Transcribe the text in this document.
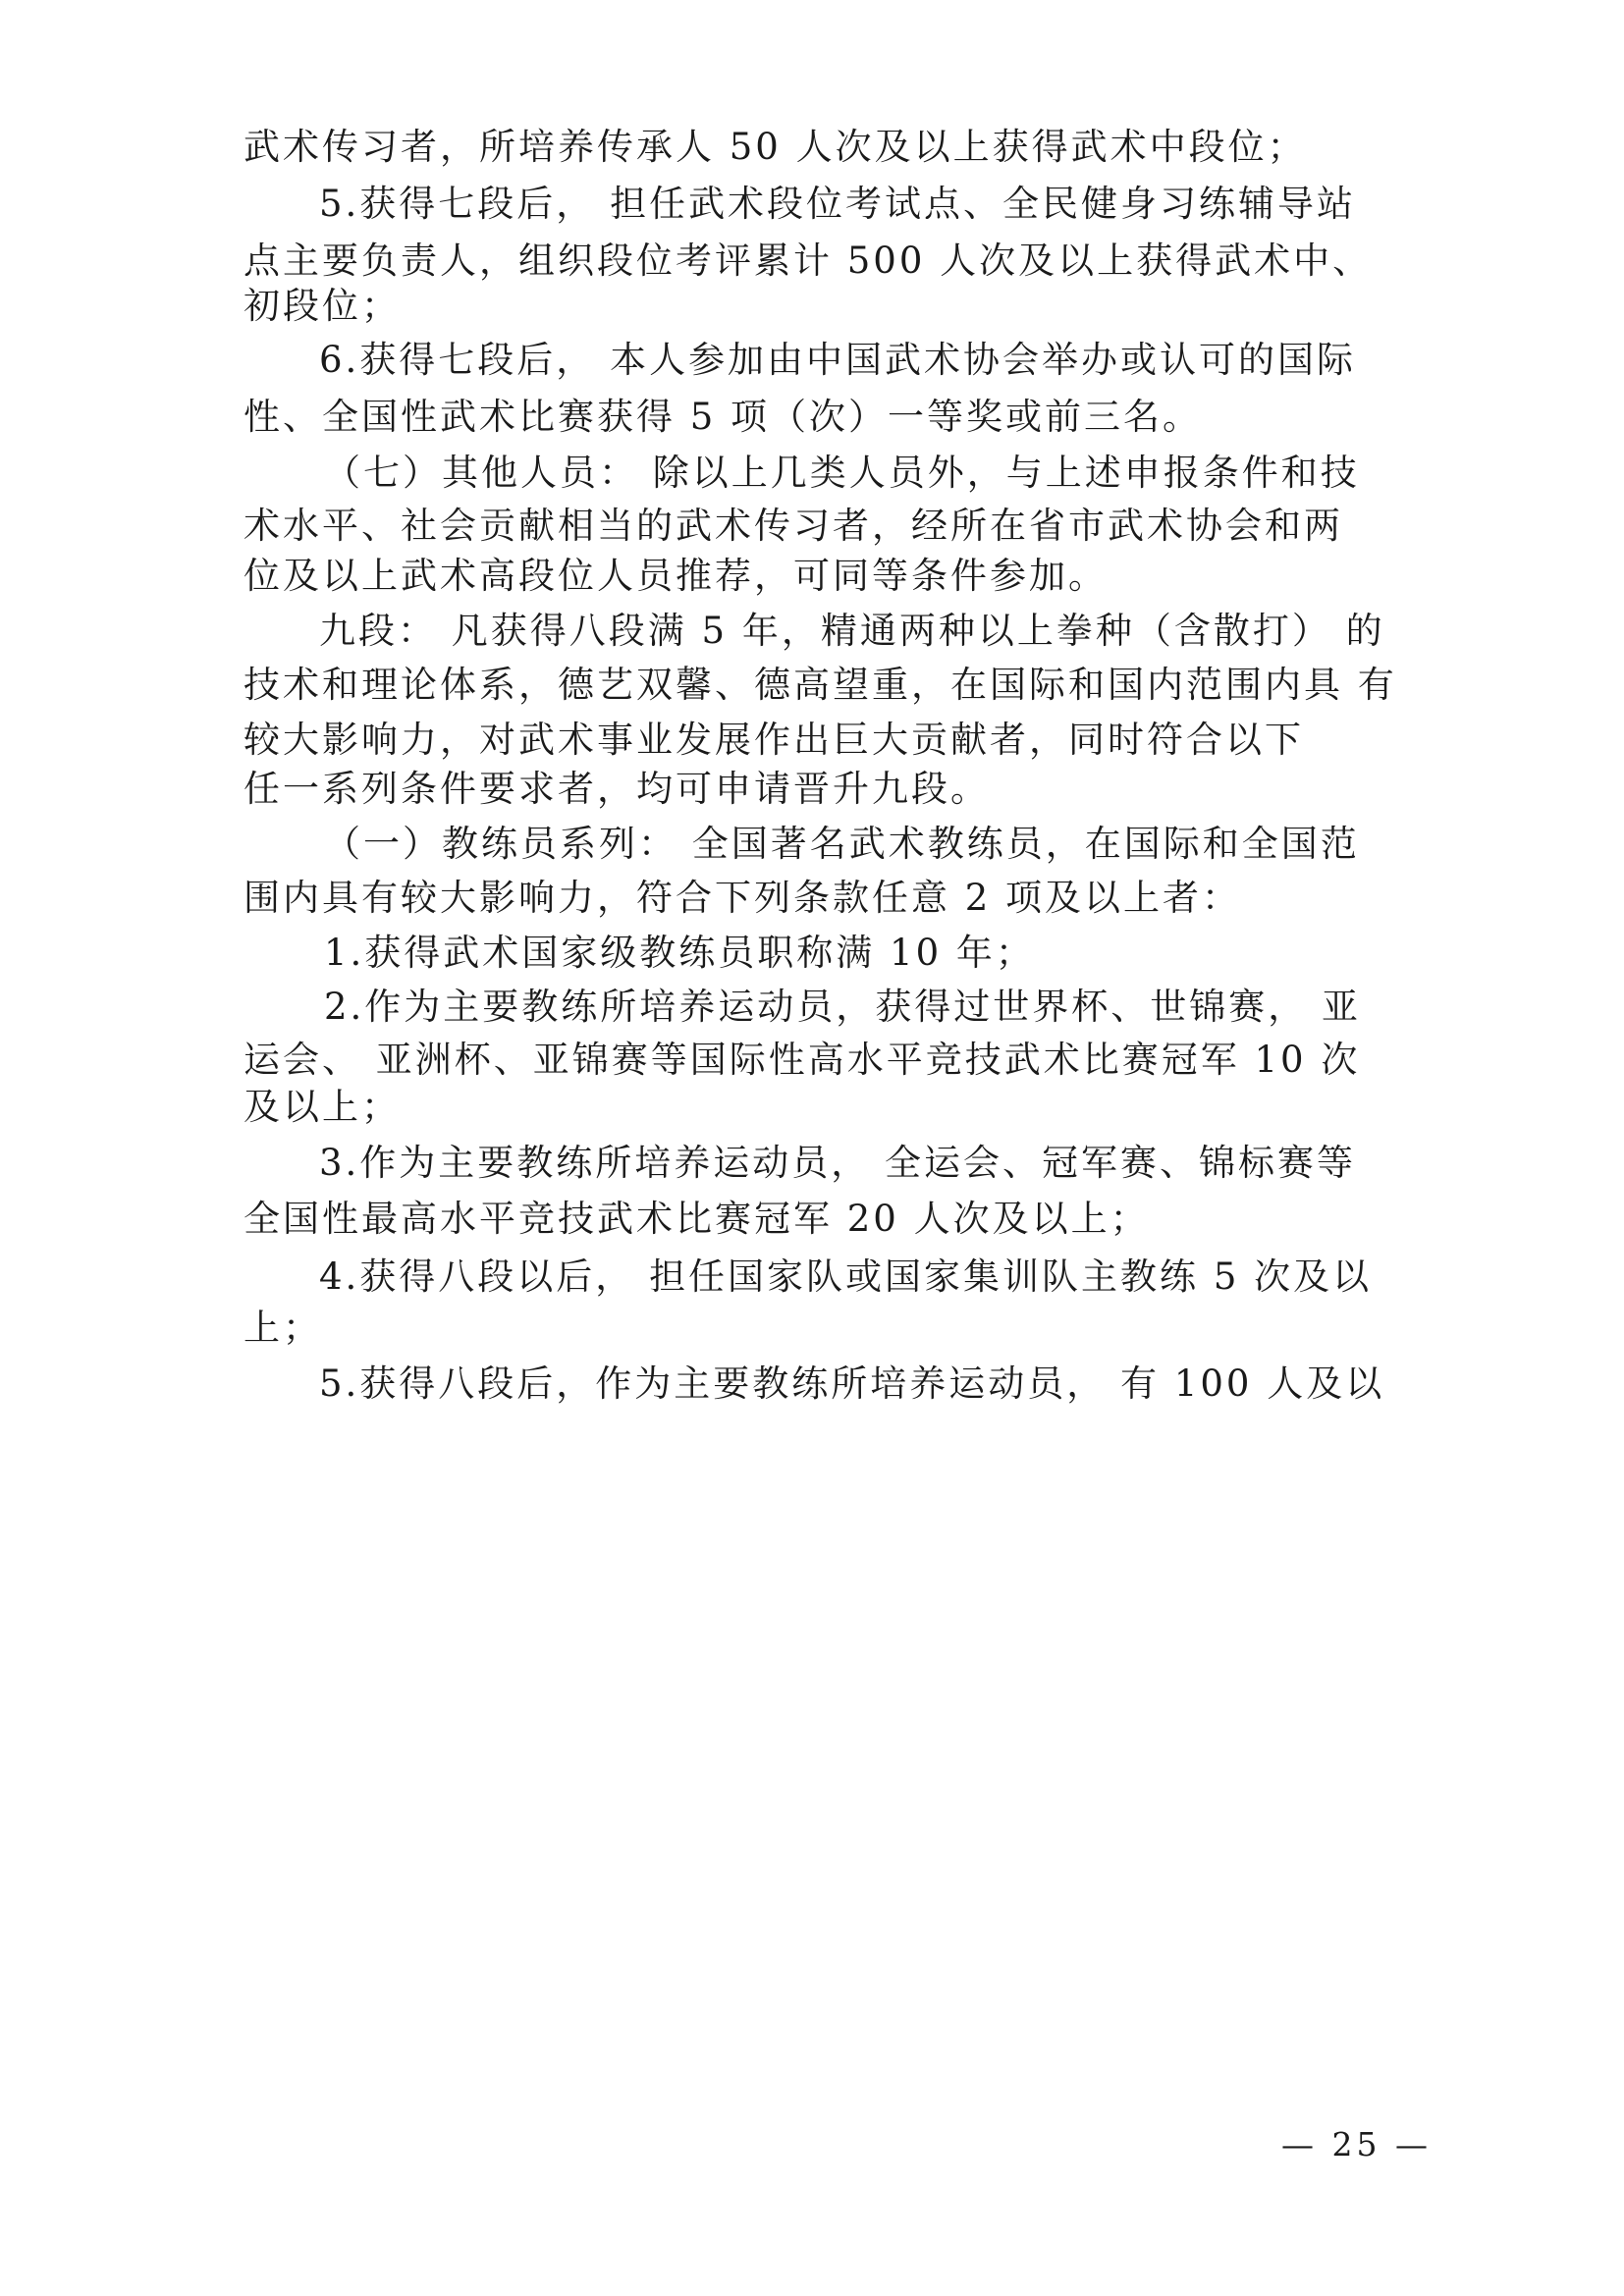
武术传习者，所培养传承人 50 人次及以上获得武术中段位；
5.获得七段后， 担任武术段位考试点、全民健身习练辅导站
点主要负责人，组织段位考评累计 500 人次及以上获得武术中、
初段位；
6.获得七段后， 本人参加由中国武术协会举办或认可的国际
性、全国性武术比赛获得 5 项（次）一等奖或前三名。
（七）其他人员： 除以上几类人员外，与上述申报条件和技
术水平、社会贡献相当的武术传习者，经所在省市武术协会和两
位及以上武术高段位人员推荐，可同等条件参加。
九段： 凡获得八段满 5 年，精通两种以上拳种（含散打） 的
技术和理论体系，德艺双馨、德高望重，在国际和国内范围内具 有
较大影响力，对武术事业发展作出巨大贡献者，同时符合以下
任一系列条件要求者，均可申请晋升九段。
（一）教练员系列： 全国著名武术教练员，在国际和全国范
围内具有较大影响力，符合下列条款任意 2 项及以上者：
1.获得武术国家级教练员职称满 10 年；
2.作为主要教练所培养运动员，获得过世界杯、世锦赛， 亚
运会、 亚洲杯、亚锦赛等国际性高水平竞技武术比赛冠军 10 次
及以上；
3.作为主要教练所培养运动员， 全运会、冠军赛、锦标赛等
全国性最高水平竞技武术比赛冠军 20 人次及以上；
4.获得八段以后， 担任国家队或国家集训队主教练 5 次及以
上；
5.获得八段后，作为主要教练所培养运动员， 有 100 人及以
— 25 —
